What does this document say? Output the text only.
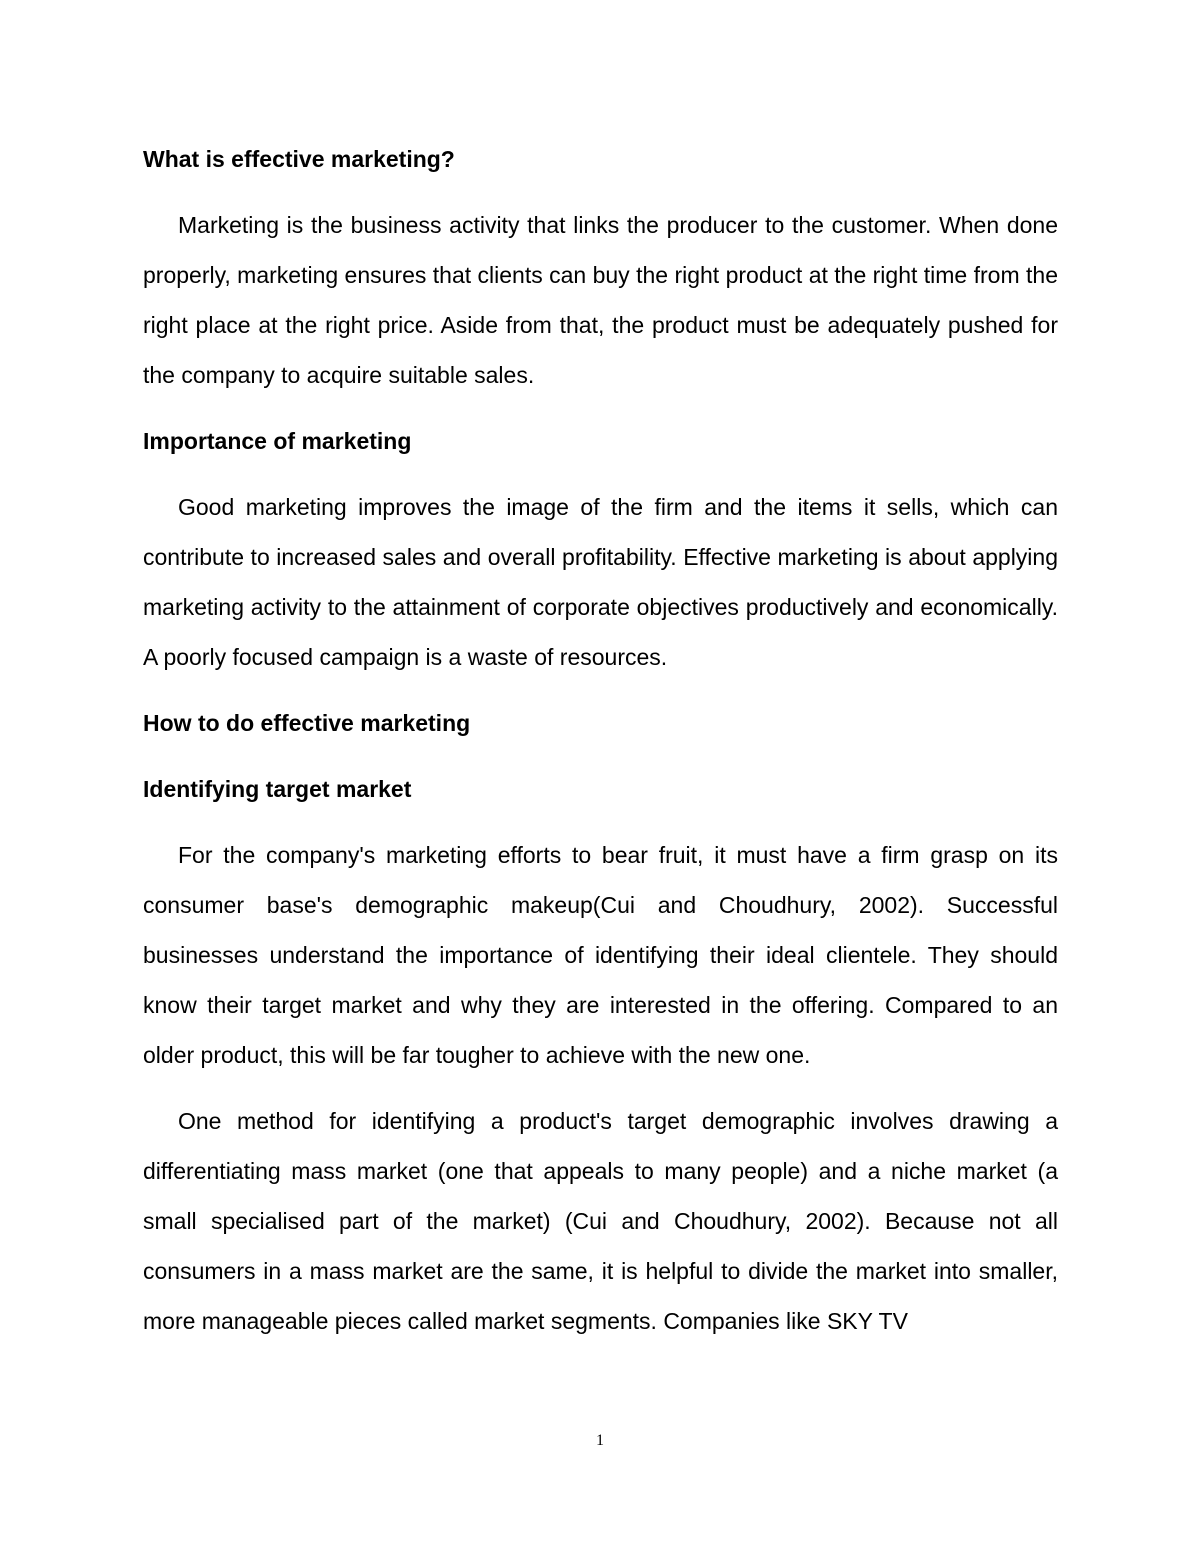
What is effective marketing?

Marketing is the business activity that links the producer to the customer. When done properly, marketing ensures that clients can buy the right product at the right time from the right place at the right price. Aside from that, the product must be adequately pushed for the company to acquire suitable sales.

Importance of marketing

Good marketing improves the image of the firm and the items it sells, which can contribute to increased sales and overall profitability. Effective marketing is about applying marketing activity to the attainment of corporate objectives productively and economically. A poorly focused campaign is a waste of resources.

How to do effective marketing
Identifying target market

For the company's marketing efforts to bear fruit, it must have a firm grasp on its consumer base's demographic makeup(Cui and Choudhury, 2002). Successful businesses understand the importance of identifying their ideal clientele. They should know their target market and why they are interested in the offering. Compared to an older product, this will be far tougher to achieve with the new one.

One method for identifying a product's target demographic involves drawing a differentiating mass market (one that appeals to many people) and a niche market (a small specialised part of the market) (Cui and Choudhury, 2002). Because not all consumers in a mass market are the same, it is helpful to divide the market into smaller, more manageable pieces called market segments. Companies like SKY TV

1
